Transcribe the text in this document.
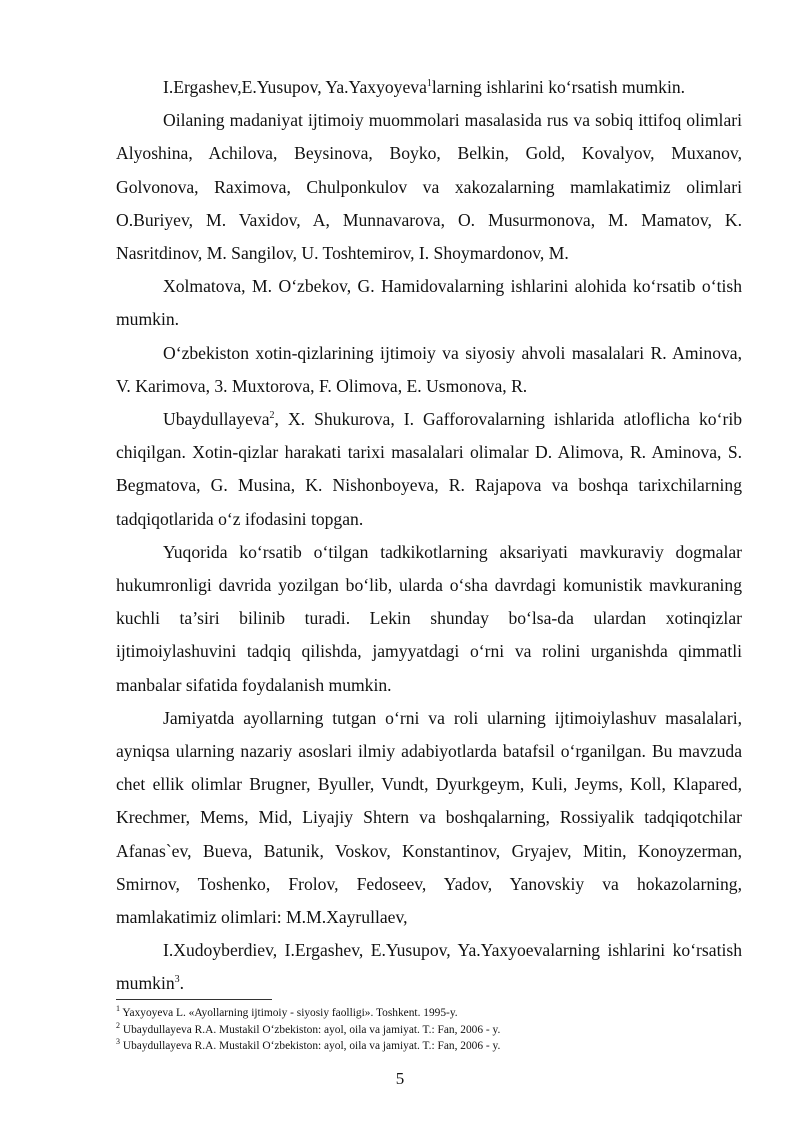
I.Ergashev,E.Yusupov, Ya.Yaxyoyeva$^1$larning ishlarini ko‘rsatish mumkin.

Oilaning madaniyat ijtimoiy muommolari masalasida rus va sobiq ittifoq olimlari Alyoshina, Achilova, Beysinova, Boyko, Belkin, Gold, Kovalyov, Muxanov, Golvonova, Raximova, Chulponkulov va xakozalarning mamlakatimiz olimlari O.Buriyev, M. Vaxidov, A, Munnavarova, O. Musurmonova, M. Mamatov, K. Nasritdinov, M. Sangilov, U. Toshtemirov, I. Shoymardonov, M.

Xolmatova, M. O‘zbekov, G. Hamidovalarning ishlarini alohida ko‘rsatib o‘tish mumkin.

O‘zbekiston xotin-qizlarining ijtimoiy va siyosiy ahvoli masalalari R. Aminova, V. Karimova, 3. Muxtorova, F. Olimova, E. Usmonova, R.

Ubaydullayeva$^2$, X. Shukurova, I. Gafforovalarning ishlarida atloflicha ko‘rib chiqilgan. Xotin-qizlar harakati tarixi masalalari olimalar D. Alimova, R. Aminova, S. Begmatova, G. Musina, K. Nishonboyeva, R. Rajapova va boshqa tarixchilarning tadqiqotlarida o‘z ifodasini topgan.

Yuqorida ko‘rsatib o‘tilgan tadkikotlarning aksariyati mavkuraviy dogmalar hukumronligi davrida yozilgan bo‘lib, ularda o‘sha davrdagi komunistik mavkuraning kuchli ta’siri bilinib turadi. Lekin shunday bo‘lsa-da ulardan xotinqizlar ijtimoiylashuvini tadqiq qilishda, jamyyatdagi o‘rni va rolini urganishda qimmatli manbalar sifatida foydalanish mumkin.

Jamiyatda ayollarning tutgan o‘rni va roli ularning ijtimoiylashuv masalalari, ayniqsa ularning nazariy asoslari ilmiy adabiyotlarda batafsil o‘rganilgan. Bu mavzuda chet ellik olimlar Brugner, Byuller, Vundt, Dyurkgeym, Kuli, Jeyms, Koll, Klapared, Krechmer, Mems, Mid, Liyajiy Shtern va boshqalarning, Rossiyalik tadqiqotchilar Afanas`ev, Bueva, Batunik, Voskov, Konstantinov, Gryajev, Mitin, Konoyzerman, Smirnov, Toshenko, Frolov, Fedoseev, Yadov, Yanovskiy va hokazolarning, mamlakatimiz olimlari: M.M.Xayrullaev,

I.Xudoyberdiev, I.Ergashev, E.Yusupov, Ya.Yaxyoevalarning ishlarini ko‘rsatish mumkin$^3$.

$^1$ Yaxyoyeva L. «Ayollarning ijtimoiy - siyosiy faolligi». Toshkent. 1995-y.

$^2$ Ubaydullayeva R.A. Mustakil O‘zbekiston: ayol, oila va jamiyat. T.: Fan, 2006 - y.

$^3$ Ubaydullayeva R.A. Mustakil O‘zbekiston: ayol, oila va jamiyat. T.: Fan, 2006 - y.

5
